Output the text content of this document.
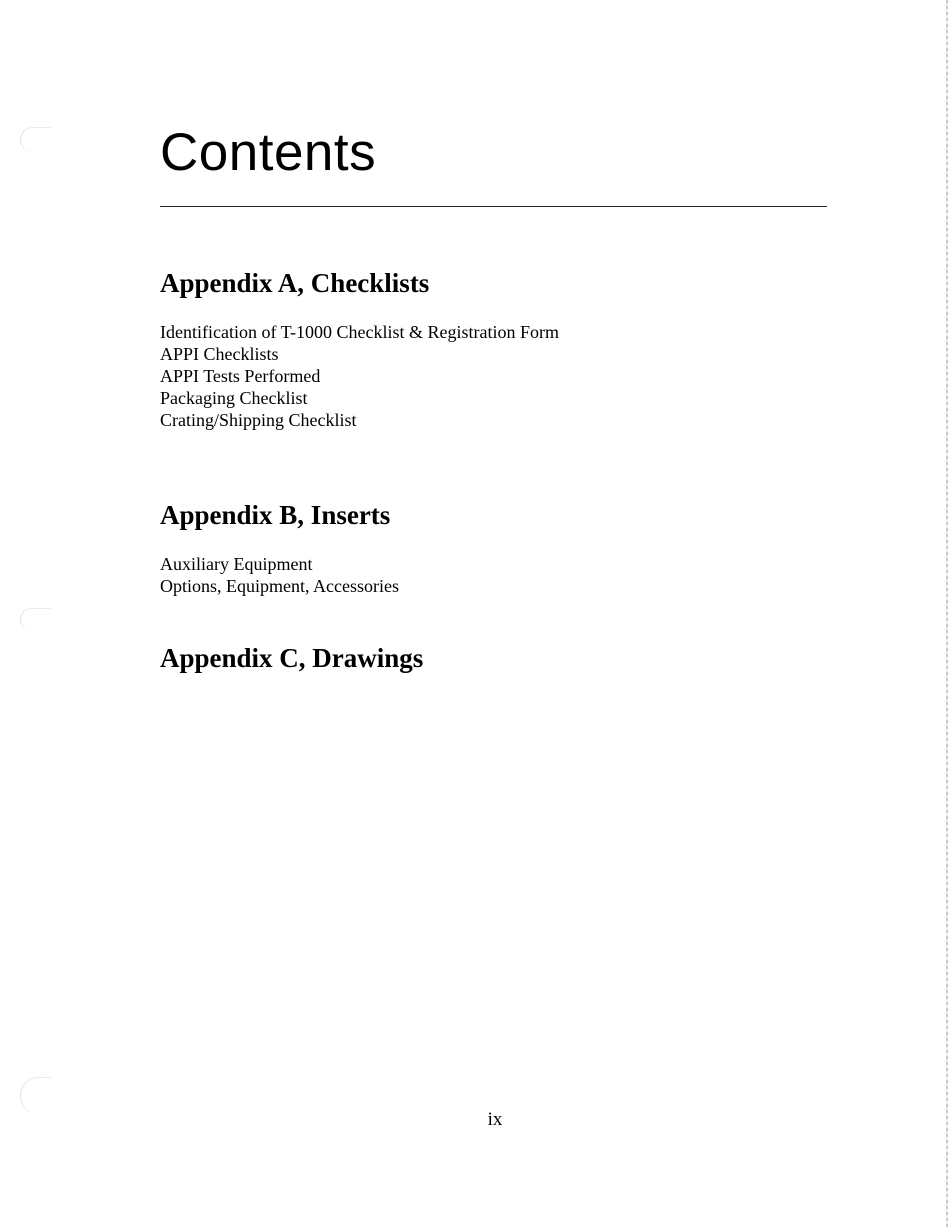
Contents
Appendix A, Checklists
Identification of T-1000 Checklist & Registration Form
APPI Checklists
APPI Tests Performed
Packaging Checklist
Crating/Shipping Checklist
Appendix B, Inserts
Auxiliary Equipment
Options, Equipment, Accessories
Appendix C, Drawings
ix
